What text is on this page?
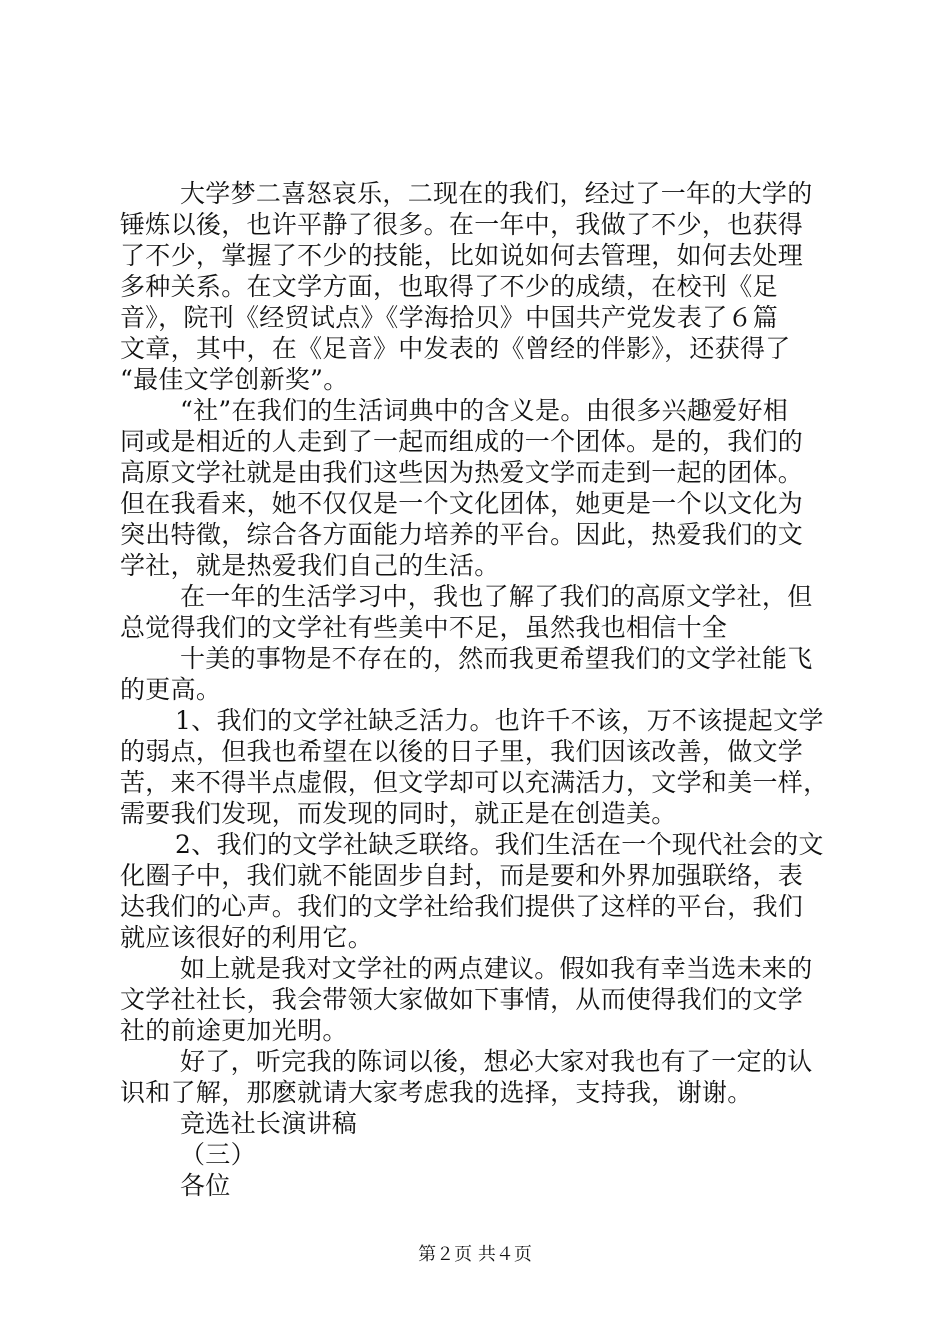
大学梦二喜怒哀乐，二现在的我们，经过了一年的大学的
锤炼以後，也许平静了很多。在一年中，我做了不少，也获得
了不少，掌握了不少的技能，比如说如何去管理，如何去处理
多种关系。在文学方面，也取得了不少的成绩，在校刊《足
音》，院刊《经贸试点》《学海拾贝》中国共产党发表了６篇
文章，其中，在《足音》中发表的《曾经的伴影》，还获得了
“最佳文学创新奖”。
“社”在我们的生活词典中的含义是。由很多兴趣爱好相
同或是相近的人走到了一起而组成的一个团体。是的，我们的
高原文学社就是由我们这些因为热爱文学而走到一起的团体。
但在我看来，她不仅仅是一个文化团体，她更是一个以文化为
突出特徵，综合各方面能力培养的平台。因此，热爱我们的文
学社，就是热爱我们自己的生活。
在一年的生活学习中，我也了解了我们的高原文学社，但
总觉得我们的文学社有些美中不足，虽然我也相信十全
十美的事物是不存在的，然而我更希望我们的文学社能飞
的更高。
1、我们的文学社缺乏活力。也许千不该，万不该提起文学
的弱点，但我也希望在以後的日子里，我们因该改善，做文学
苦，来不得半点虚假，但文学却可以充满活力，文学和美一样，
需要我们发现，而发现的同时，就正是在创造美。
2、我们的文学社缺乏联络。我们生活在一个现代社会的文
化圈子中，我们就不能固步自封，而是要和外界加强联络，表
达我们的心声。我们的文学社给我们提供了这样的平台，我们
就应该很好的利用它。
如上就是我对文学社的两点建议。假如我有幸当选未来的
文学社社长，我会带领大家做如下事情，从而使得我们的文学
社的前途更加光明。
好了，听完我的陈词以後，想必大家对我也有了一定的认
识和了解，那麽就请大家考虑我的选择，支持我，谢谢。
竞选社长演讲稿
（三）
各位
第２页 共４页
